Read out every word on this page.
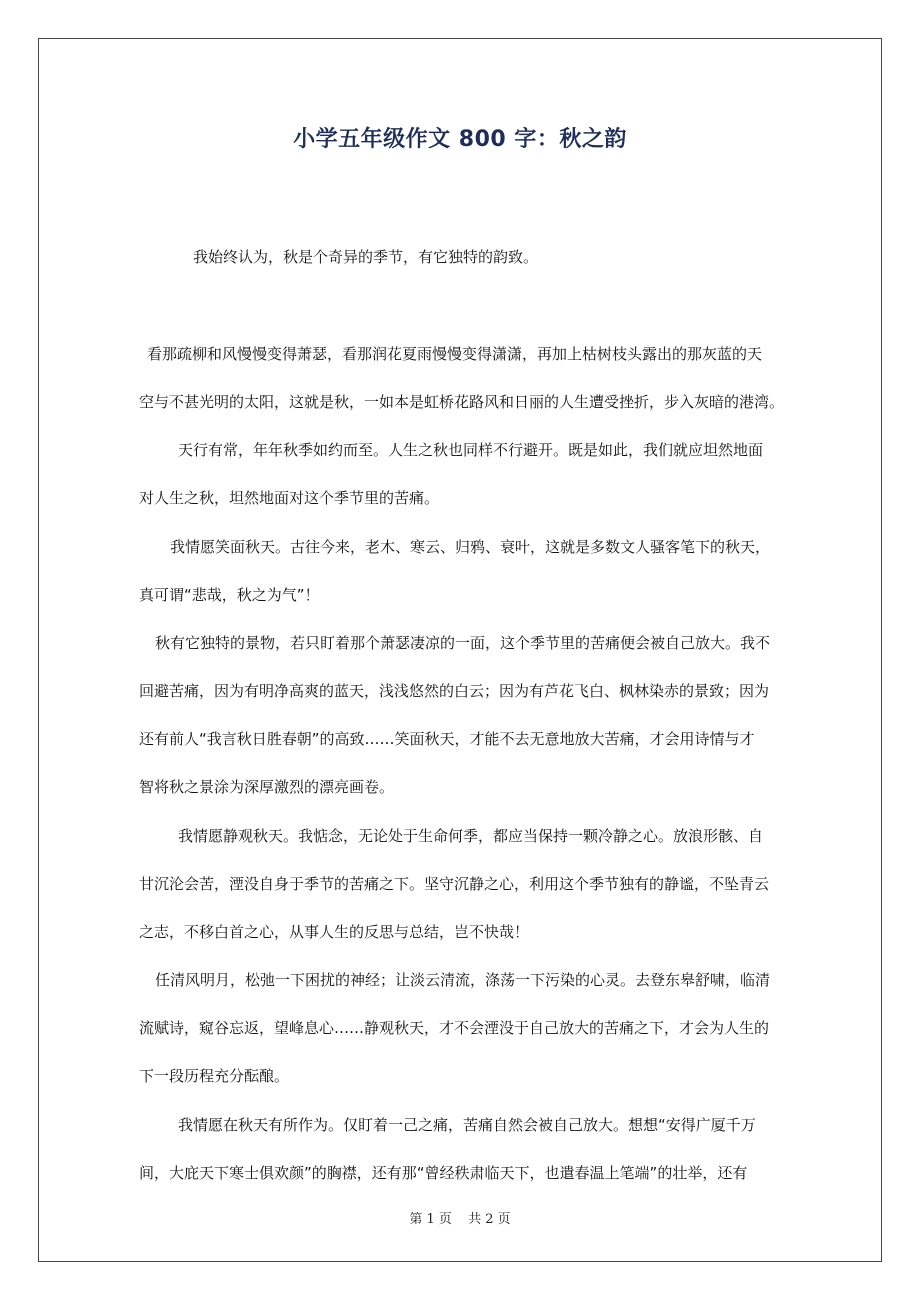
小学五年级作文 800 字：秋之韵
我始终认为，秋是个奇异的季节，有它独特的韵致。
看那疏柳和风慢慢变得萧瑟，看那润花夏雨慢慢变得潇潇，再加上枯树枝头露出的那灰蓝的天
空与不甚光明的太阳，这就是秋，一如本是虹桥花路风和日丽的人生遭受挫折，步入灰暗的港湾。
天行有常，年年秋季如约而至。人生之秋也同样不行避开。既是如此，我们就应坦然地面
对人生之秋，坦然地面对这个季节里的苦痛。
我情愿笑面秋天。古往今来，老木、寒云、归鸦、衰叶，这就是多数文人骚客笔下的秋天，
真可谓“悲哉，秋之为气”！
秋有它独特的景物，若只盯着那个萧瑟凄凉的一面，这个季节里的苦痛便会被自己放大。我不
回避苦痛，因为有明净高爽的蓝天，浅浅悠然的白云；因为有芦花飞白、枫林染赤的景致；因为
还有前人“我言秋日胜春朝”的高致……笑面秋天，才能不去无意地放大苦痛，才会用诗情与才
智将秋之景涂为深厚激烈的漂亮画卷。
我情愿静观秋天。我惦念，无论处于生命何季，都应当保持一颗冷静之心。放浪形骸、自
甘沉沦会苦，湮没自身于季节的苦痛之下。坚守沉静之心，利用这个季节独有的静谧，不坠青云
之志，不移白首之心，从事人生的反思与总结，岂不快哉！
任清风明月，松弛一下困扰的神经；让淡云清流，涤荡一下污染的心灵。去登东皋舒啸，临清
流赋诗，窥谷忘返，望峰息心……静观秋天，才不会湮没于自己放大的苦痛之下，才会为人生的
下一段历程充分酝酿。
我情愿在秋天有所作为。仅盯着一己之痛，苦痛自然会被自己放大。想想“安得广厦千万
间，大庇天下寒士俱欢颜”的胸襟，还有那“曾经秩肃临天下，也遣春温上笔端”的壮举，还有
第 1 页 共 2 页
